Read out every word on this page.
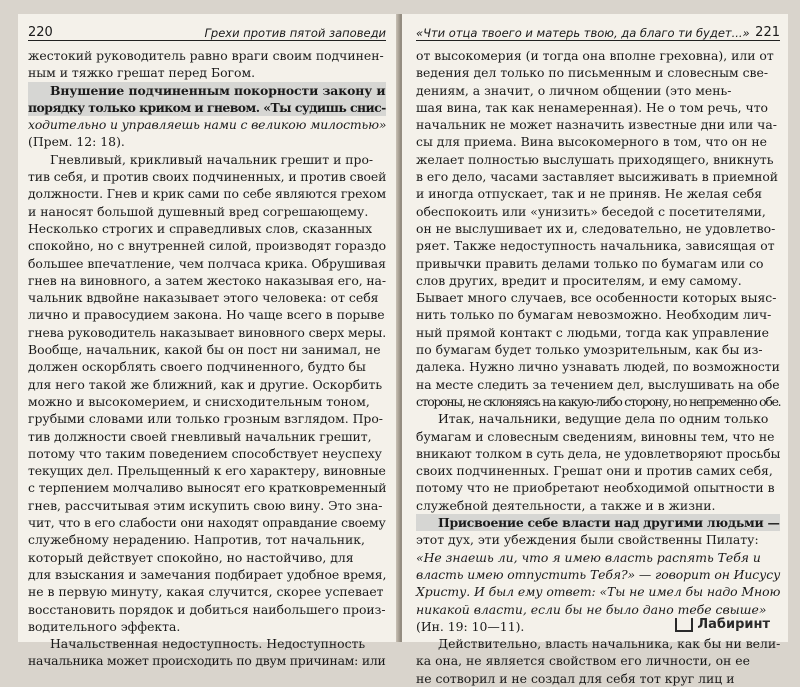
220	Грехи против пятой заповеди
жестокий руководитель равно враги своим подчинен-
ным и тяжко грешат перед Богом.
Внушение подчиненным покорности закону и
порядку только криком и гневом. «Ты судишь снис-
ходительно и управляешь нами с великою милостью»
(Прем. 12: 18).
Гневливый, крикливый начальник грешит и про-
тив себя, и против своих подчиненных, и против своей
должности. Гнев и крик сами по себе являются грехом
и наносят большой душевный вред согрешающему.
Несколько строгих и справедливых слов, сказанных
спокойно, но с внутренней силой, производят гораздо
большее впечатление, чем полчаса крика. Обрушивая
гнев на виновного, а затем жестоко наказывая его, на-
чальник вдвойне наказывает этого человека: от себя
лично и правосудием закона. Но чаще всего в порыве
гнева руководитель наказывает виновного сверх меры.
Вообще, начальник, какой бы он пост ни занимал, не
должен оскорблять своего подчиненного, будто бы
для него такой же ближний, как и другие. Оскорбить
можно и высокомерием, и снисходительным тоном,
грубыми словами или только грозным взглядом. Про-
тив должности своей гневливый начальник грешит,
потому что таким поведением способствует неуспеху
текущих дел. Прельщенный к его характеру, виновные
с терпением молчаливо выносят его кратковременный
гнев, рассчитывая этим искупить свою вину. Это зна-
чит, что в его слабости они находят оправдание своему
служебному нерадению. Напротив, тот начальник,
который действует спокойно, но настойчиво, для
для взыскания и замечания подбирает удобное время,
не в первую минуту, какая случится, скорее успевает
восстановить порядок и добиться наибольшего произ-
водительного эффекта.
Начальственная недоступность. Недоступность
начальника может происходить по двум причинам: или
«Чти отца твоего и матерь твою, да благо ти будет...» 221
от высокомерия (и тогда она вполне греховна), или от
ведения дел только по письменным и словесным све-
дениям, а значит, о личном общении (это мень-
шая вина, так как ненамеренная). Не о том речь, что
начальник не может назначить известные дни или ча-
сы для приема. Вина высокомерного в том, что он не
желает полностью выслушать приходящего, вникнуть
в его дело, часами заставляет высиживать в приемной
и иногда отпускает, так и не приняв. Не желая себя
обеспокоить или «унизить» беседой с посетителями,
он не выслушивает их и, следовательно, не удовлетво-
ряет. Также недоступность начальника, зависящая от
привычки править делами только по бумагам или со
слов других, вредит и просителям, и ему самому.
Бывает много случаев, все особенности которых выяс-
нить только по бумагам невозможно. Необходим лич-
ный прямой контакт с людьми, тогда как управление
по бумагам будет только умозрительным, как бы из-
далека. Нужно лично узнавать людей, по возможности
на месте следить за течением дел, выслушивать на обе
стороны, не склоняясь на какую-либо сторону, но непременно обе.
Итак, начальники, ведущие дела по одним только
бумагам и словесным сведениям, виновны тем, что не
вникают толком в суть дела, не удовлетворяют просьбы
своих подчиненных. Грешат они и против самих себя,
потому что не приобретают необходимой опытности в
служебной деятельности, а также и в жизни.
Присвоение себе власти над другими людьми —
этот дух, эти убеждения были свойственны Пилату:
«Не знаешь ли, что я имею власть распять Тебя и
власть имею отпустить Тебя?» — говорит он Иисусу
Христу. И был ему ответ: «Ты не имел бы надо Мною
никакой власти, если бы не было дано тебе свыше»
(Ин. 19: 10—11).
Действительно, власть начальника, как бы ни вели-
ка она, не является свойством его личности, он ее
не сотворил и не создал для себя тот круг лиц и
Лабиринт
